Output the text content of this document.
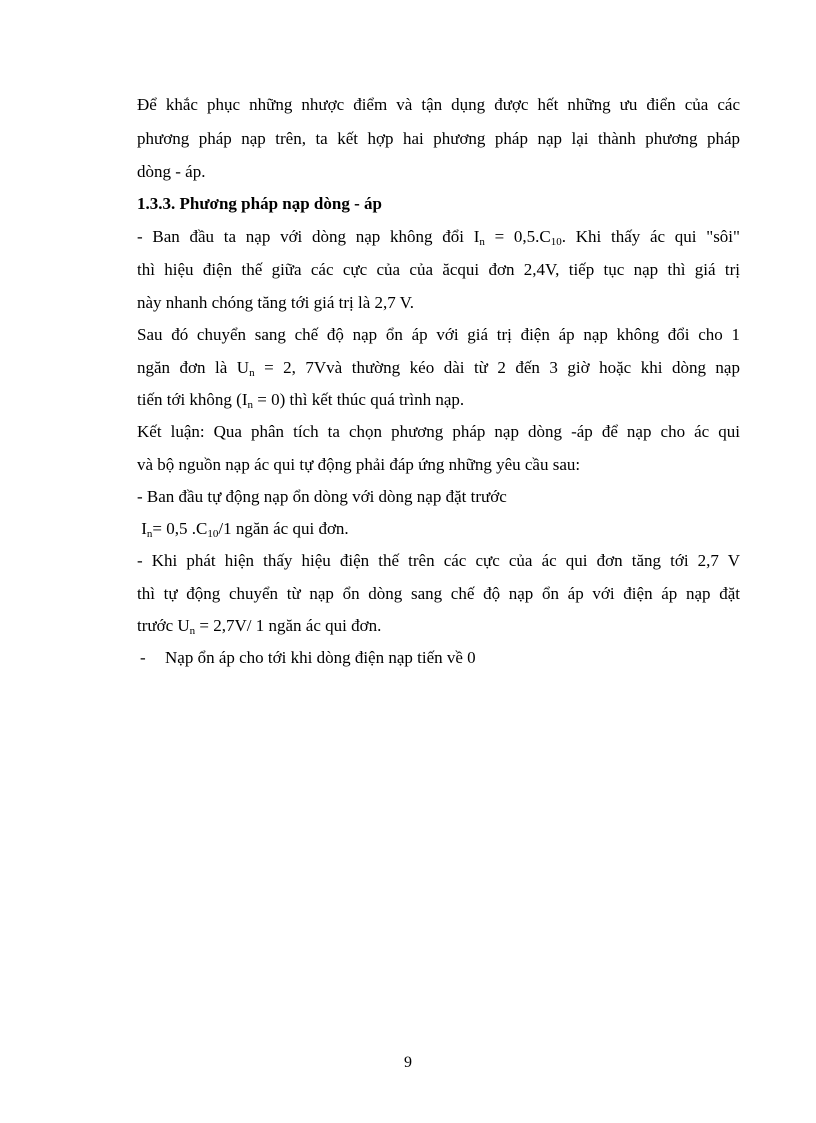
Để khắc phục những nhược điểm và tận dụng được hết những ưu điển của các
phương pháp nạp trên, ta kết hợp hai phương pháp nạp lại thành phương pháp
dòng - áp.
1.3.3. Phương pháp nạp dòng - áp
- Ban đầu ta nạp với dòng nạp không đổi $I_n = 0,5.C_{10}$. Khi thấy ác qui "sôi"
thì hiệu điện thế giữa các cực của của ăcqui đơn 2,4V, tiếp tục nạp thì giá trị
này nhanh chóng tăng tới giá trị là 2,7 V.
Sau đó chuyển sang chế độ nạp ổn áp với giá trị điện áp nạp không đổi cho 1
ngăn đơn là $U_n = 2$, 7Vvà thường kéo dài từ 2 đến 3 giờ hoặc khi dòng nạp
tiến tới không $(I_n = 0)$ thì kết thúc quá trình nạp.
Kết luận: Qua phân tích ta chọn phương pháp nạp dòng -áp để nạp cho ác qui
và bộ nguồn nạp ác qui tự động phải đáp ứng những yêu cầu sau:
- Ban đầu tự động nạp ổn dòng với dòng nạp đặt trước
$I_n= 0,5$ $.C_{10}/1$ ngăn ác qui đơn.
- Khi phát hiện thấy hiệu điện thế trên các cực của ác qui đơn tăng tới 2,7 V
thì tự động chuyển từ nạp ổn dòng sang chế độ nạp ổn áp với điện áp nạp đặt
trước $U_n = 2,7V/$ 1 ngăn ác qui đơn.
- Nạp ổn áp cho tới khi dòng điện nạp tiến về 0
9
